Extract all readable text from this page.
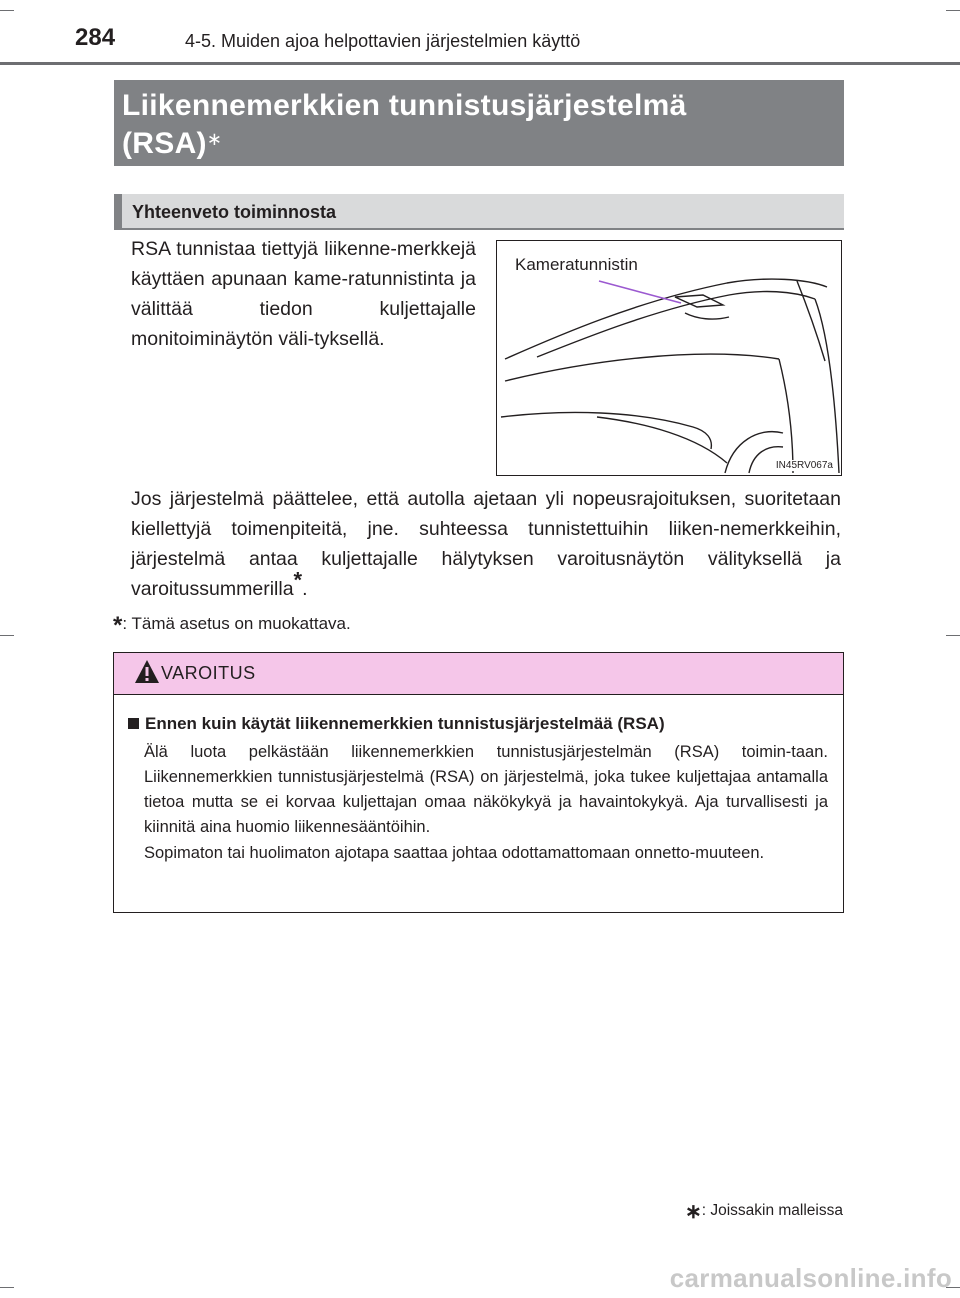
284	4-5. Muiden ajoa helpottavien järjestelmien käyttö
Liikennemerkkien tunnistusjärjestelmä
(RSA)∗
Yhteenveto toiminnosta

RSA tunnistaa tiettyjä liikenne-merkkejä käyttäen apunaan kame-ratunnistinta ja välittää tiedon kuljettajalle monitoiminäytön väli-tyksellä.

Kameratunnistin
IN45RV067a

Jos järjestelmä päättelee, että autolla ajetaan yli nopeusrajoituksen, suoritetaan kiellettyjä toimenpiteitä, jne. suhteessa tunnistettuihin liiken-nemerkkeihin, järjestelmä antaa kuljettajalle hälytyksen varoitusnäytön välityksellä ja varoitussummerilla*.

*: Tämä asetus on muokattava.
VAROITUS
Ennen kuin käytät liikennemerkkien tunnistusjärjestelmää (RSA)

Älä luota pelkästään liikennemerkkien tunnistusjärjestelmän (RSA) toimin-taan. Liikennemerkkien tunnistusjärjestelmä (RSA) on järjestelmä, joka tukee kuljettajaa antamalla tietoa mutta se ei korvaa kuljettajan omaa näkökykyä ja havaintokykyä. Aja turvallisesti ja kiinnitä aina huomio liikennesääntöihin.

Sopimaton tai huolimaton ajotapa saattaa johtaa odottamattomaan onnetto-muuteen.

∗: Joissakin malleissa
carmanualsonline.info
